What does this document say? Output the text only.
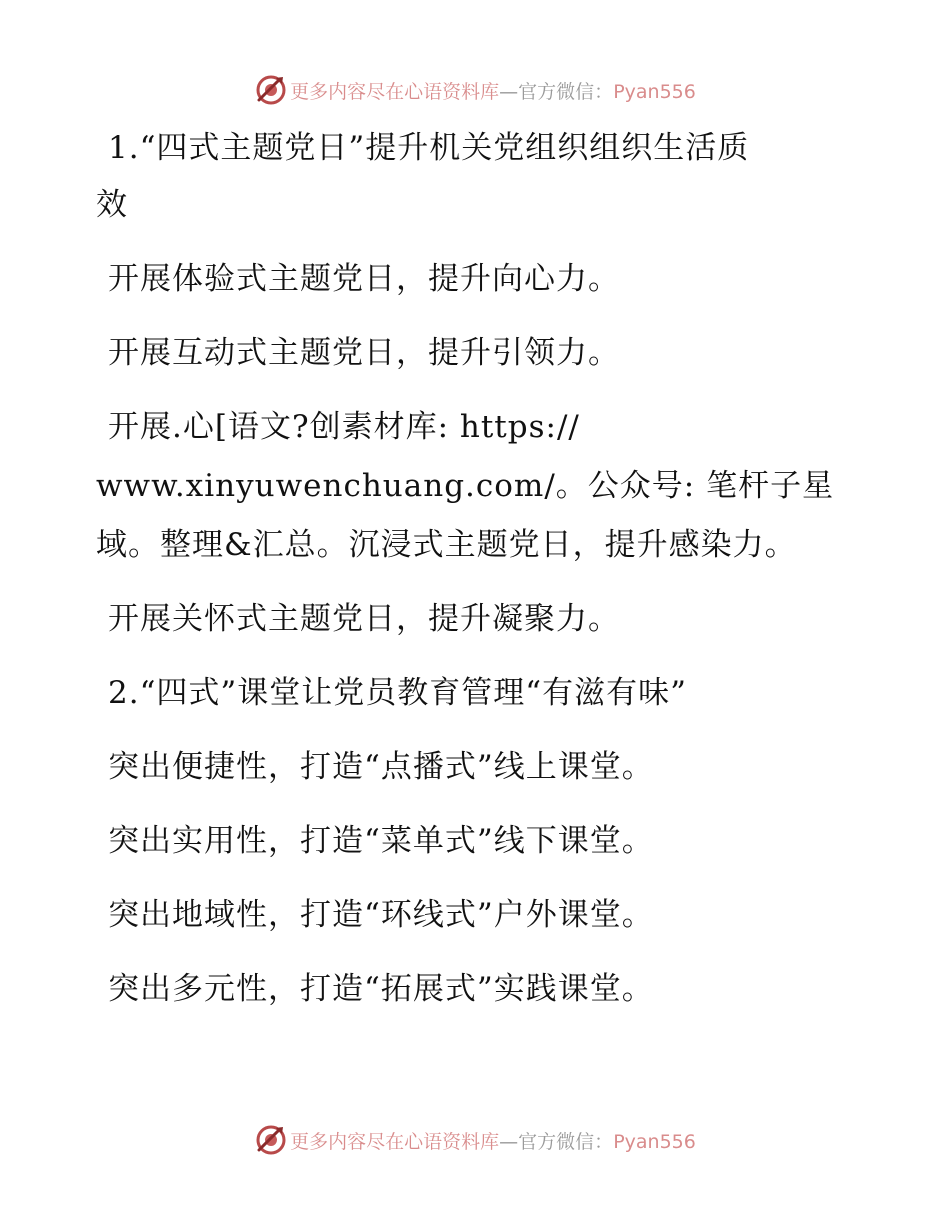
更多内容尽在心语资料库—官方微信：Pyan556
1.“四式主题党日”提升机关党组织组织生活质
效
开展体验式主题党日，提升向心力。
开展互动式主题党日，提升引领力。
开展.心[语文?创素材库: https://
www.xinyuwenchuang.com/。公众号: 笔杆子星
域。整理&汇总。沉浸式主题党日，提升感染力。
开展关怀式主题党日，提升凝聚力。
2.“四式”课堂让党员教育管理“有滋有味”
突出便捷性，打造“点播式”线上课堂。
突出实用性，打造“菜单式”线下课堂。
突出地域性，打造“环线式”户外课堂。
突出多元性，打造“拓展式”实践课堂。
更多内容尽在心语资料库—官方微信：Pyan556
